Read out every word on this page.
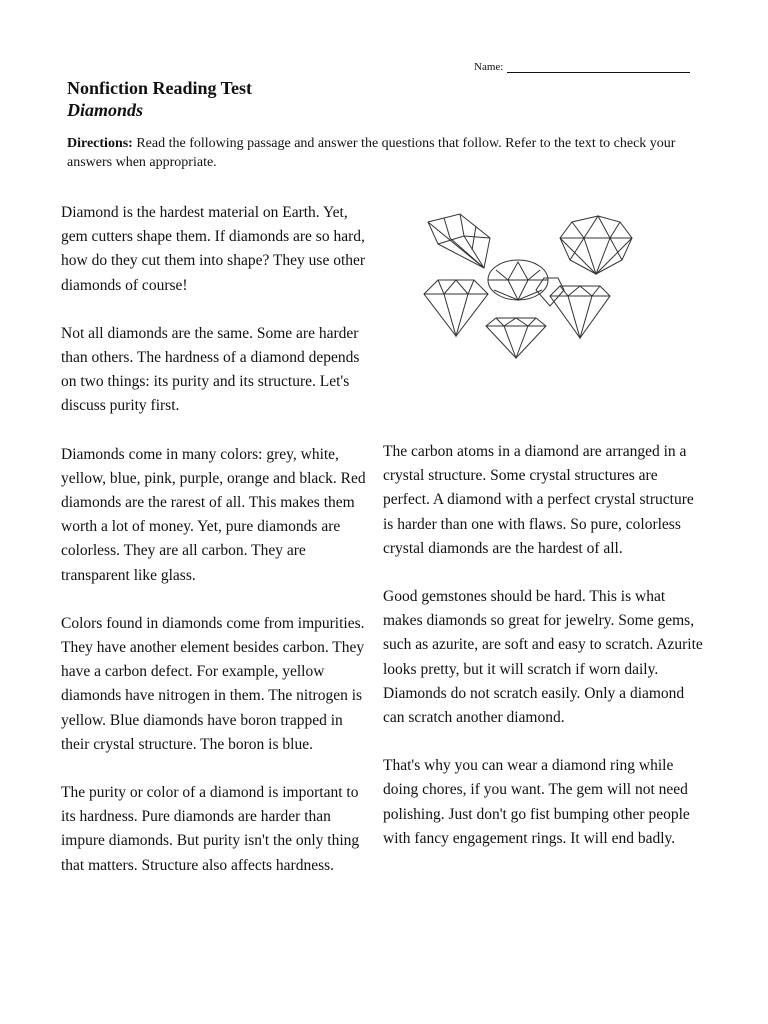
Name:
Nonfiction Reading Test
Diamonds
Directions: Read the following passage and answer the questions that follow. Refer to the text to check your answers when appropriate.

Diamond is the hardest material on Earth. Yet, gem cutters shape them. If diamonds are so hard, how do they cut them into shape? They use other diamonds of course!

Not all diamonds are the same. Some are harder than others. The hardness of a diamond depends on two things: its purity and its structure. Let's discuss purity first.

Diamonds come in many colors: grey, white, yellow, blue, pink, purple, orange and black. Red diamonds are the rarest of all. This makes them worth a lot of money. Yet, pure diamonds are colorless. They are all carbon. They are transparent like glass.

Colors found in diamonds come from impurities. They have another element besides carbon. They have a carbon defect. For example, yellow diamonds have nitrogen in them. The nitrogen is yellow. Blue diamonds have boron trapped in their crystal structure. The boron is blue.

The purity or color of a diamond is important to its hardness. Pure diamonds are harder than impure diamonds. But purity isn't the only thing that matters. Structure also affects hardness.

The carbon atoms in a diamond are arranged in a crystal structure. Some crystal structures are perfect. A diamond with a perfect crystal structure is harder than one with flaws. So pure, colorless crystal diamonds are the hardest of all.

Good gemstones should be hard. This is what makes diamonds so great for jewelry. Some gems, such as azurite, are soft and easy to scratch. Azurite looks pretty, but it will scratch if worn daily. Diamonds do not scratch easily. Only a diamond can scratch another diamond.

That's why you can wear a diamond ring while doing chores, if you want. The gem will not need polishing. Just don't go fist bumping other people with fancy engagement rings. It will end badly.
